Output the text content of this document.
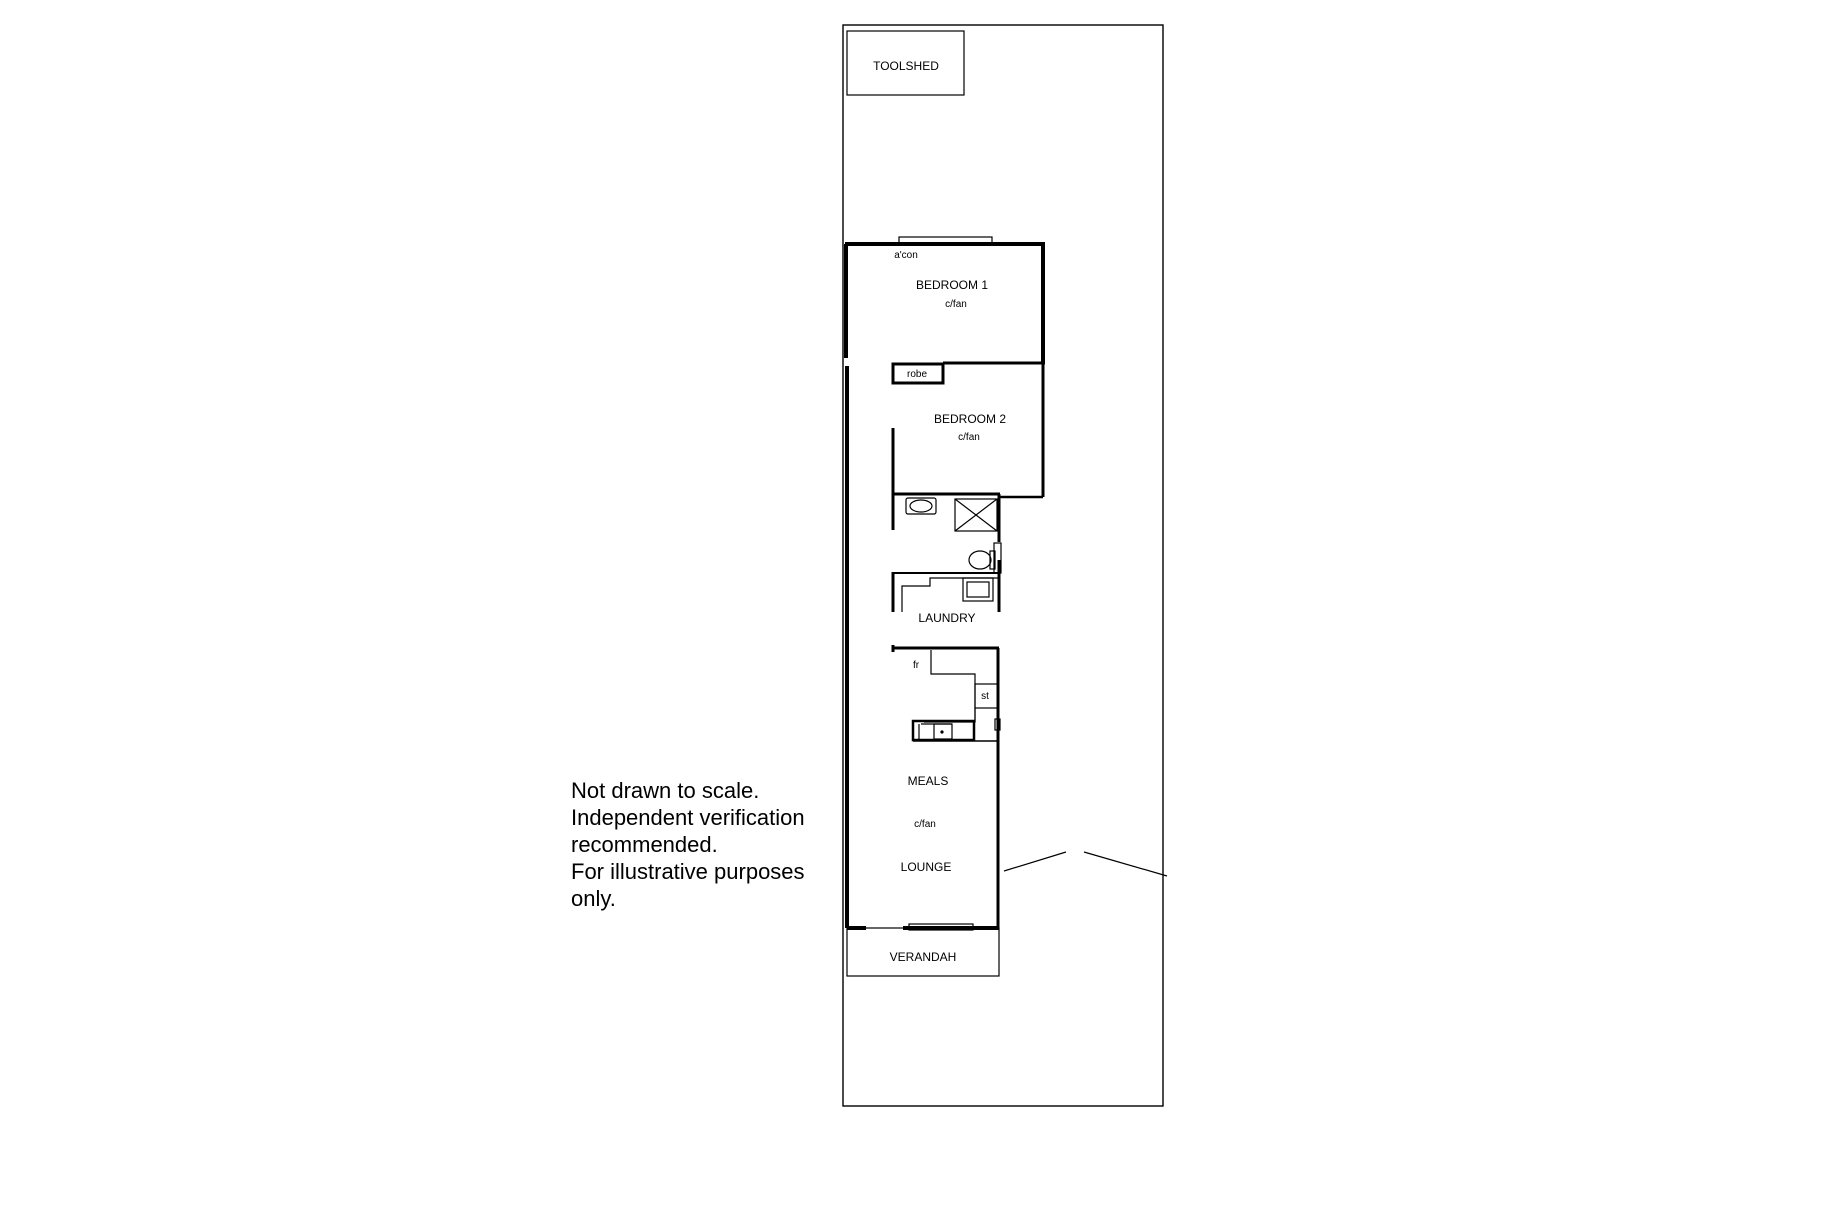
TOOLSHED
robe
a'con
BEDROOM 1
c/fan
BEDROOM 2
c/fan
LAUNDRY
fr
st
MEALS
c/fan
LOUNGE
VERANDAH
Not drawn to scale.
Independent verification
recommended.
For illustrative purposes
only.
